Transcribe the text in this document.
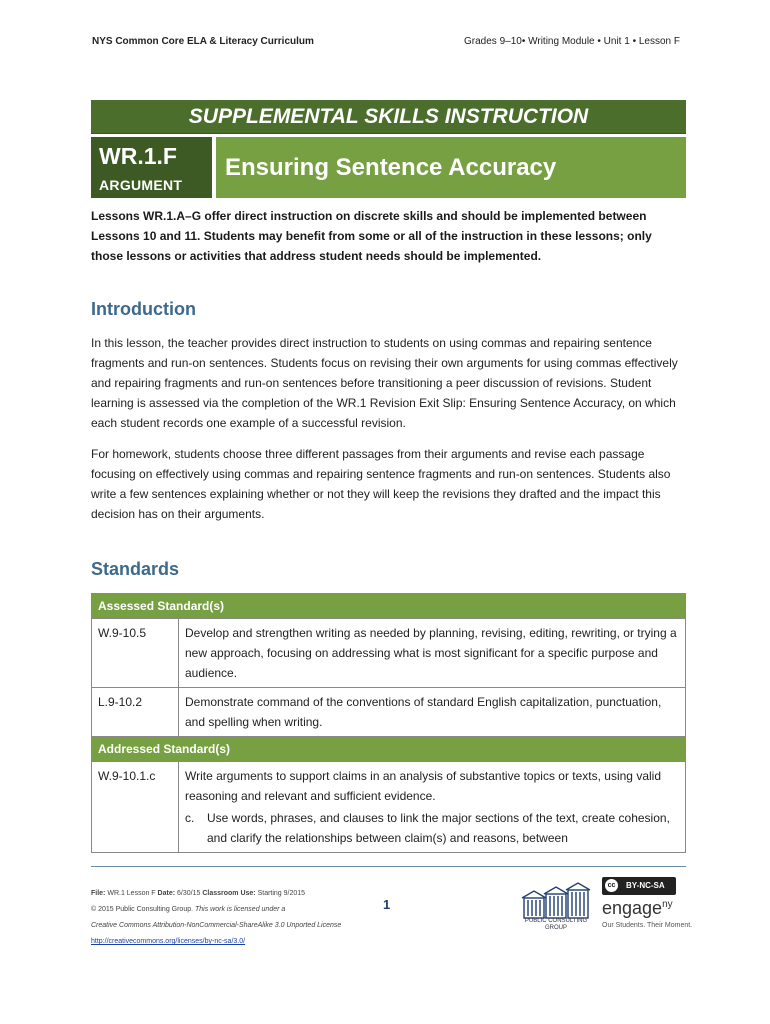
NYS Common Core ELA & Literacy Curriculum	Grades 9–10• Writing Module • Unit 1 • Lesson F
SUPPLEMENTAL SKILLS INSTRUCTION
WR.1.F
ARGUMENT
Ensuring Sentence Accuracy
Lessons WR.1.A–G offer direct instruction on discrete skills and should be implemented between Lessons 10 and 11. Students may benefit from some or all of the instruction in these lessons; only those lessons or activities that address student needs should be implemented.
Introduction
In this lesson, the teacher provides direct instruction to students on using commas and repairing sentence fragments and run-on sentences. Students focus on revising their own arguments for using commas effectively and repairing fragments and run-on sentences before transitioning a peer discussion of revisions. Student learning is assessed via the completion of the WR.1 Revision Exit Slip: Ensuring Sentence Accuracy, on which each student records one example of a successful revision.
For homework, students choose three different passages from their arguments and revise each passage focusing on effectively using commas and repairing sentence fragments and run-on sentences. Students also write a few sentences explaining whether or not they will keep the revisions they drafted and the impact this decision has on their arguments.
Standards
Assessed Standard(s)	
W.9-10.5	Develop and strengthen writing as needed by planning, revising, editing, rewriting, or trying a new approach, focusing on addressing what is most significant for a specific purpose and audience.
L.9-10.2	Demonstrate command of the conventions of standard English capitalization, punctuation, and spelling when writing.
Addressed Standard(s)	
W.9-10.1.c	Write arguments to support claims in an analysis of substantive topics or texts, using valid reasoning and relevant and sufficient evidence.
c. Use words, phrases, and clauses to link the major sections of the text, create cohesion, and clarify the relationships between claim(s) and reasons, between
File: WR.1 Lesson F Date: 6/30/15 Classroom Use: Starting 9/2015
© 2015 Public Consulting Group. This work is licensed under a
Creative Commons Attribution-NonCommercial-ShareAlike 3.0 Unported License
http://creativecommons.org/licenses/by-nc-sa/3.0/
1
PUBLIC CONSULTING GROUP
cc	BY-NC-SA
engage$^{ny}$
Our Students. Their Moment.
